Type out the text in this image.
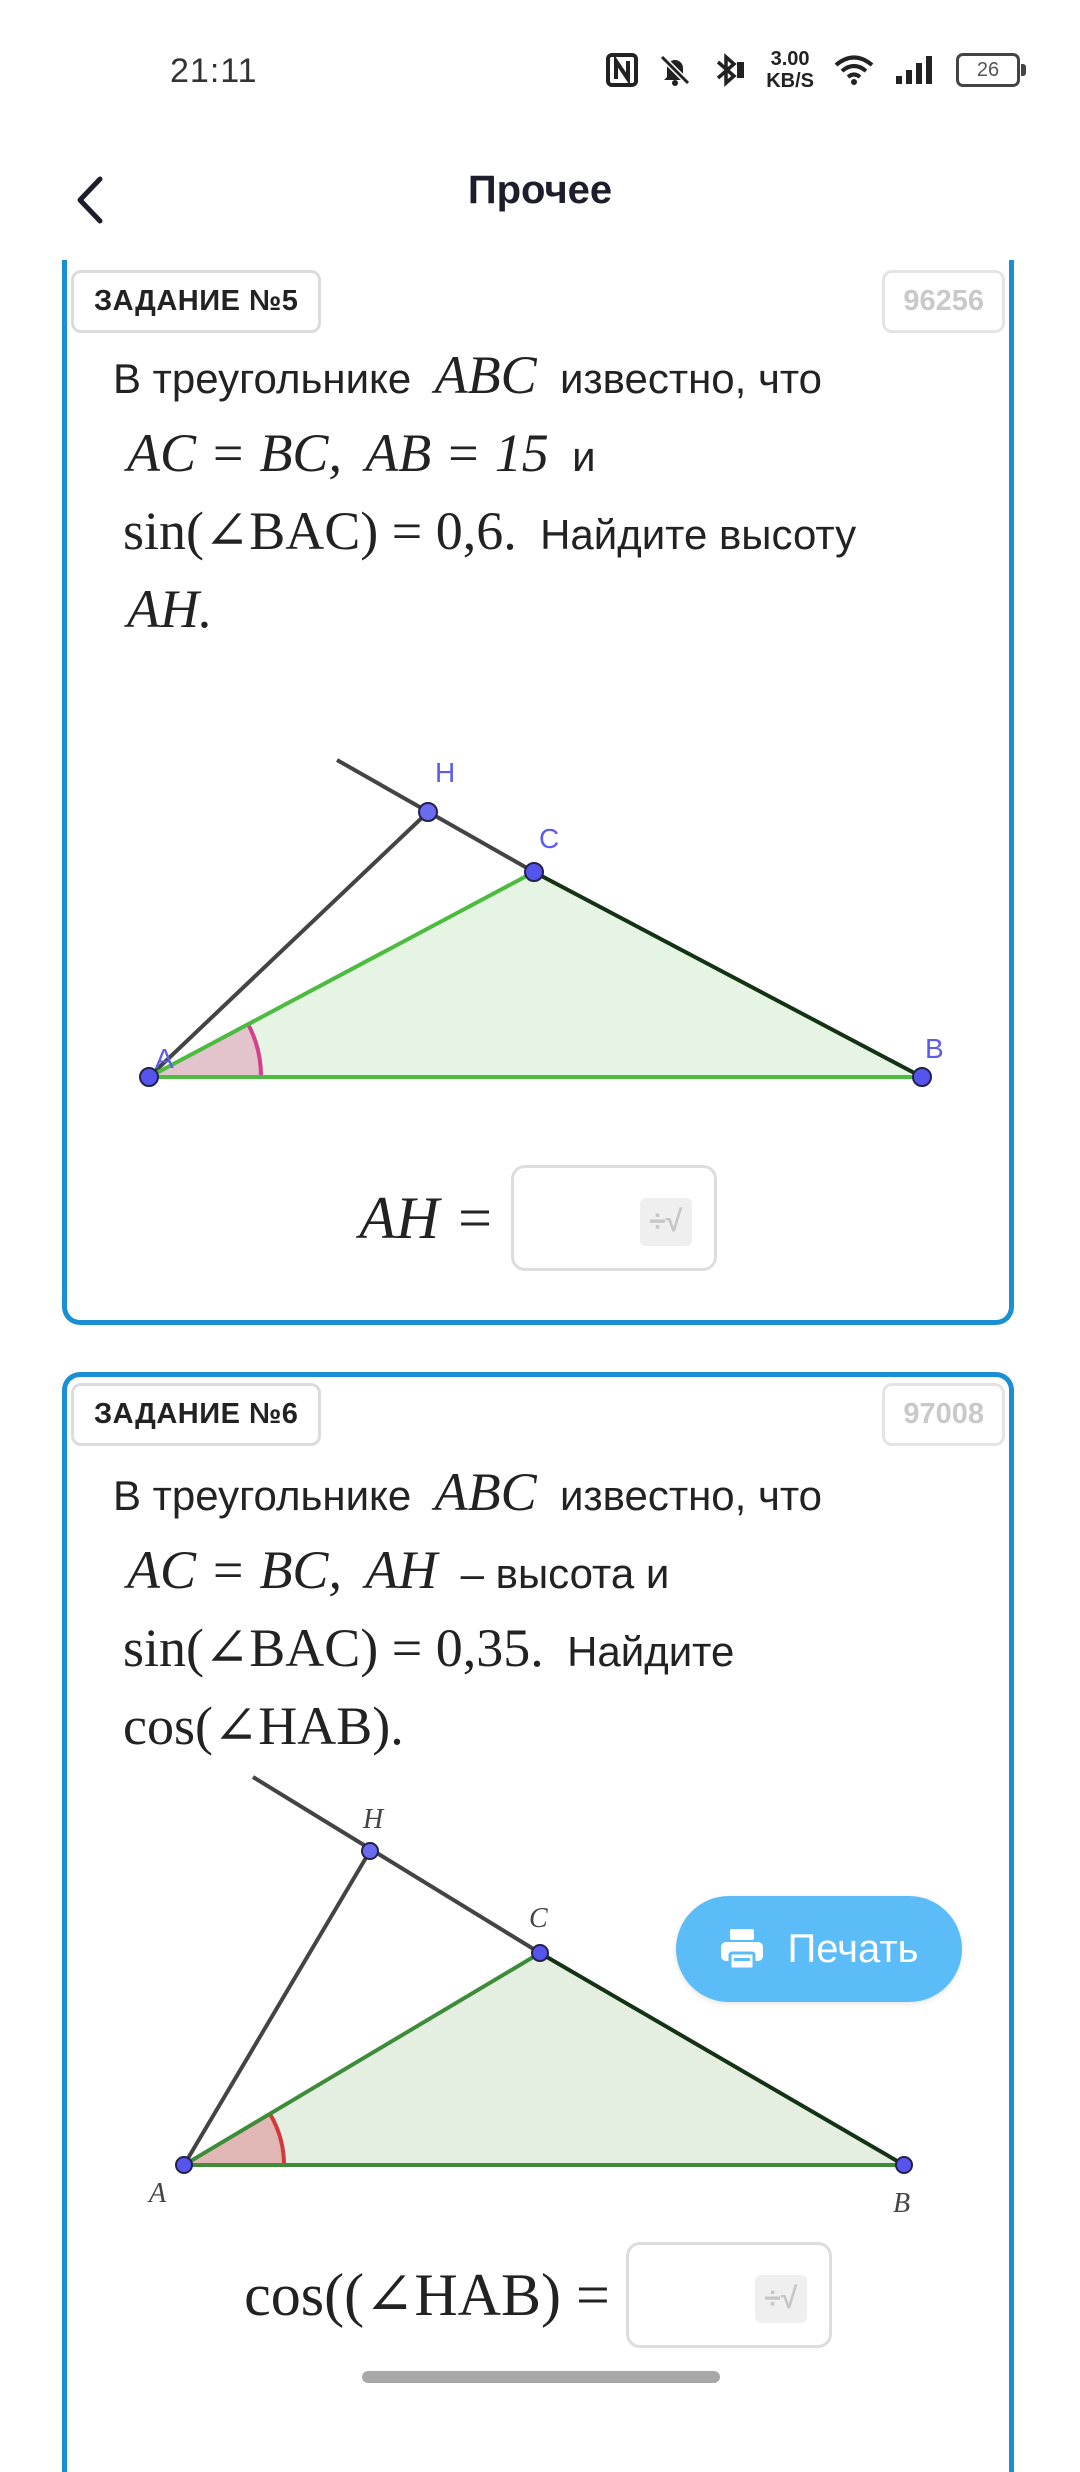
21:11	3.00
KB/S
26
Прочее
ЗАДАНИЕ №5	96256
В треугольнике ABC известно, что
AC = BC, AB = 15 и
sin(∠BAC) = 0,6. Найдите высоту
AH.
A	B
C
H
AH =	÷√
ЗАДАНИЕ №6	97008
В треугольнике ABC известно, что
AC = BC, AH – высота и
sin(∠BAC) = 0,35. Найдите
cos(∠HAB).
A	B
C
H
cos((∠HAB) =	÷√
Печать
